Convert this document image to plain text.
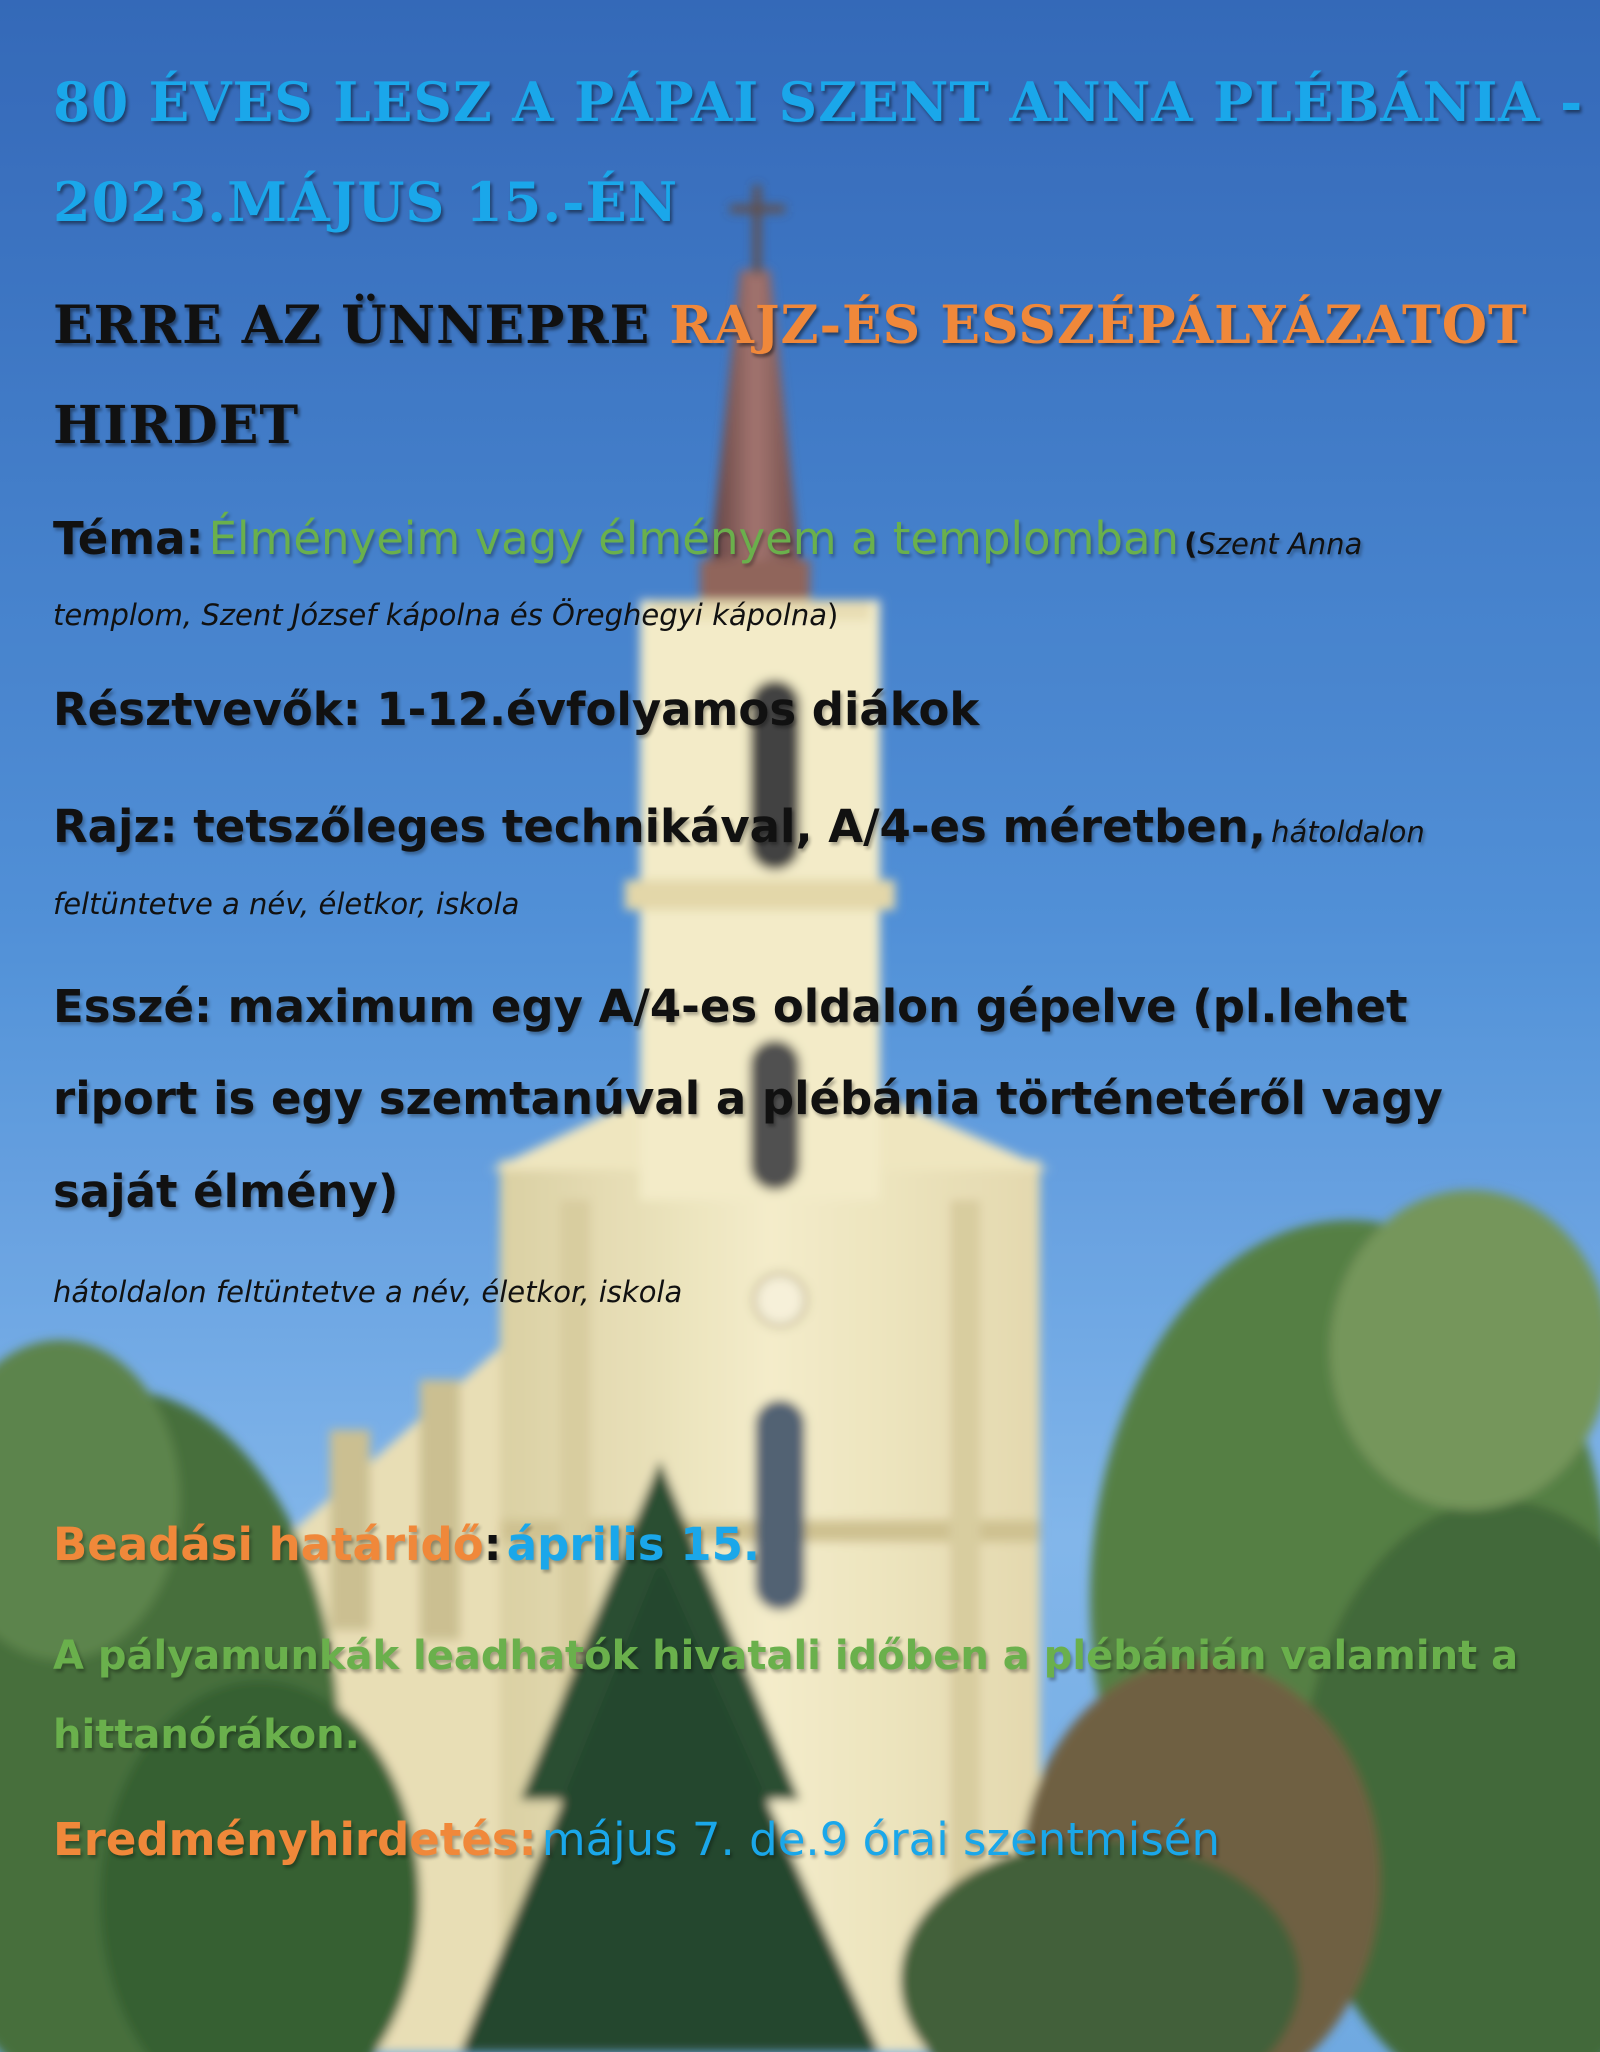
80 ÉVES LESZ A PÁPAI SZENT ANNA PLÉBÁNIA -
2023.MÁJUS 15.-ÉN
ERRE AZ ÜNNEPRE RAJZ-ÉS ESSZÉPÁLYÁZATOT
HIRDET
Téma: Élményeim vagy élményem a templomban (Szent Anna
templom, Szent József kápolna és Öreghegyi kápolna)
Résztvevők: 1-12.évfolyamos diákok
Rajz: tetszőleges technikával, A/4-es méretben, hátoldalon
feltüntetve a név, életkor, iskola
Esszé: maximum egy A/4-es oldalon gépelve (pl.lehet
riport is egy szemtanúval a plébánia történetéről vagy
saját élmény)
hátoldalon feltüntetve a név, életkor, iskola
Beadási határidő: április 15.
A pályamunkák leadhatók hivatali időben a plébánián valamint a
hittanórákon.
Eredményhirdetés: május 7. de.9 órai szentmisén
